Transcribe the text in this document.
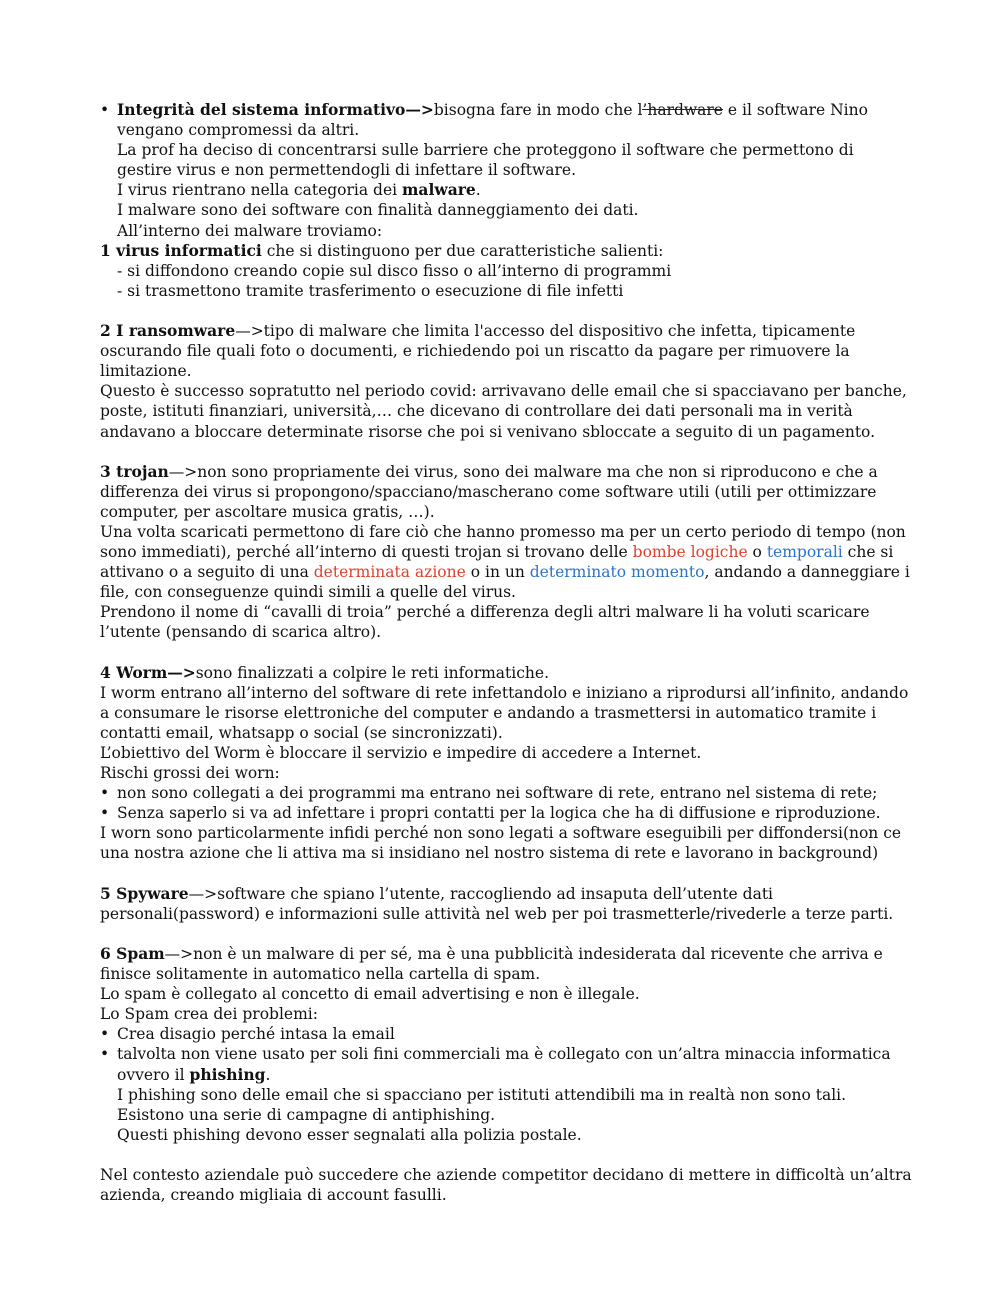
• Integrità del sistema informativo—>bisogna fare in modo che l’hardware e il software Nino
vengano compromessi da altri.
La prof ha deciso di concentrarsi sulle barriere che proteggono il software che permettono di
gestire virus e non permettendogli di infettare il software.
I virus rientrano nella categoria dei malware.
I malware sono dei software con finalità danneggiamento dei dati.
All’interno dei malware troviamo:
1 virus informatici che si distinguono per due caratteristiche salienti:
- si diffondono creando copie sul disco fisso o all’interno di programmi
- si trasmettono tramite trasferimento o esecuzione di file infetti
2 I ransomware—>tipo di malware che limita l'accesso del dispositivo che infetta, tipicamente
oscurando file quali foto o documenti, e richiedendo poi un riscatto da pagare per rimuovere la
limitazione.
Questo è successo sopratutto nel periodo covid: arrivavano delle email che si spacciavano per banche,
poste, istituti finanziari, università,… che dicevano di controllare dei dati personali ma in verità
andavano a bloccare determinate risorse che poi si venivano sbloccate a seguito di un pagamento.
3 trojan—>non sono propriamente dei virus, sono dei malware ma che non si riproducono e che a
differenza dei virus si propongono/spacciano/mascherano come software utili (utili per ottimizzare
computer, per ascoltare musica gratis, …).
Una volta scaricati permettono di fare ciò che hanno promesso ma per un certo periodo di tempo (non
sono immediati), perché all’interno di questi trojan si trovano delle bombe logiche o temporali che si
attivano o a seguito di una determinata azione o in un determinato momento, andando a danneggiare i
file, con conseguenze quindi simili a quelle del virus.
Prendono il nome di “cavalli di troia” perché a differenza degli altri malware li ha voluti scaricare
l’utente (pensando di scarica altro).
4 Worm—>sono finalizzati a colpire le reti informatiche.
I worm entrano all’interno del software di rete infettandolo e iniziano a riprodursi all’infinito, andando
a consumare le risorse elettroniche del computer e andando a trasmettersi in automatico tramite i
contatti email, whatsapp o social (se sincronizzati).
L’obiettivo del Worm è bloccare il servizio e impedire di accedere a Internet.
Rischi grossi dei worn:
• non sono collegati a dei programmi ma entrano nei software di rete, entrano nel sistema di rete;
• Senza saperlo si va ad infettare i propri contatti per la logica che ha di diffusione e riproduzione.
I worn sono particolarmente infidi perché non sono legati a software eseguibili per diffondersi(non ce
una nostra azione che li attiva ma si insidiano nel nostro sistema di rete e lavorano in background)
5 Spyware—>software che spiano l’utente, raccogliendo ad insaputa dell’utente dati
personali(password) e informazioni sulle attività nel web per poi trasmetterle/rivederle a terze parti.
6 Spam—>non è un malware di per sé, ma è una pubblicità indesiderata dal ricevente che arriva e
finisce solitamente in automatico nella cartella di spam.
Lo spam è collegato al concetto di email advertising e non è illegale.
Lo Spam crea dei problemi:
• Crea disagio perché intasa la email
• talvolta non viene usato per soli fini commerciali ma è collegato con un’altra minaccia informatica
ovvero il phishing.
I phishing sono delle email che si spacciano per istituti attendibili ma in realtà non sono tali.
Esistono una serie di campagne di antiphishing.
Questi phishing devono esser segnalati alla polizia postale.
Nel contesto aziendale può succedere che aziende competitor decidano di mettere in difficoltà un’altra
azienda, creando migliaia di account fasulli.
